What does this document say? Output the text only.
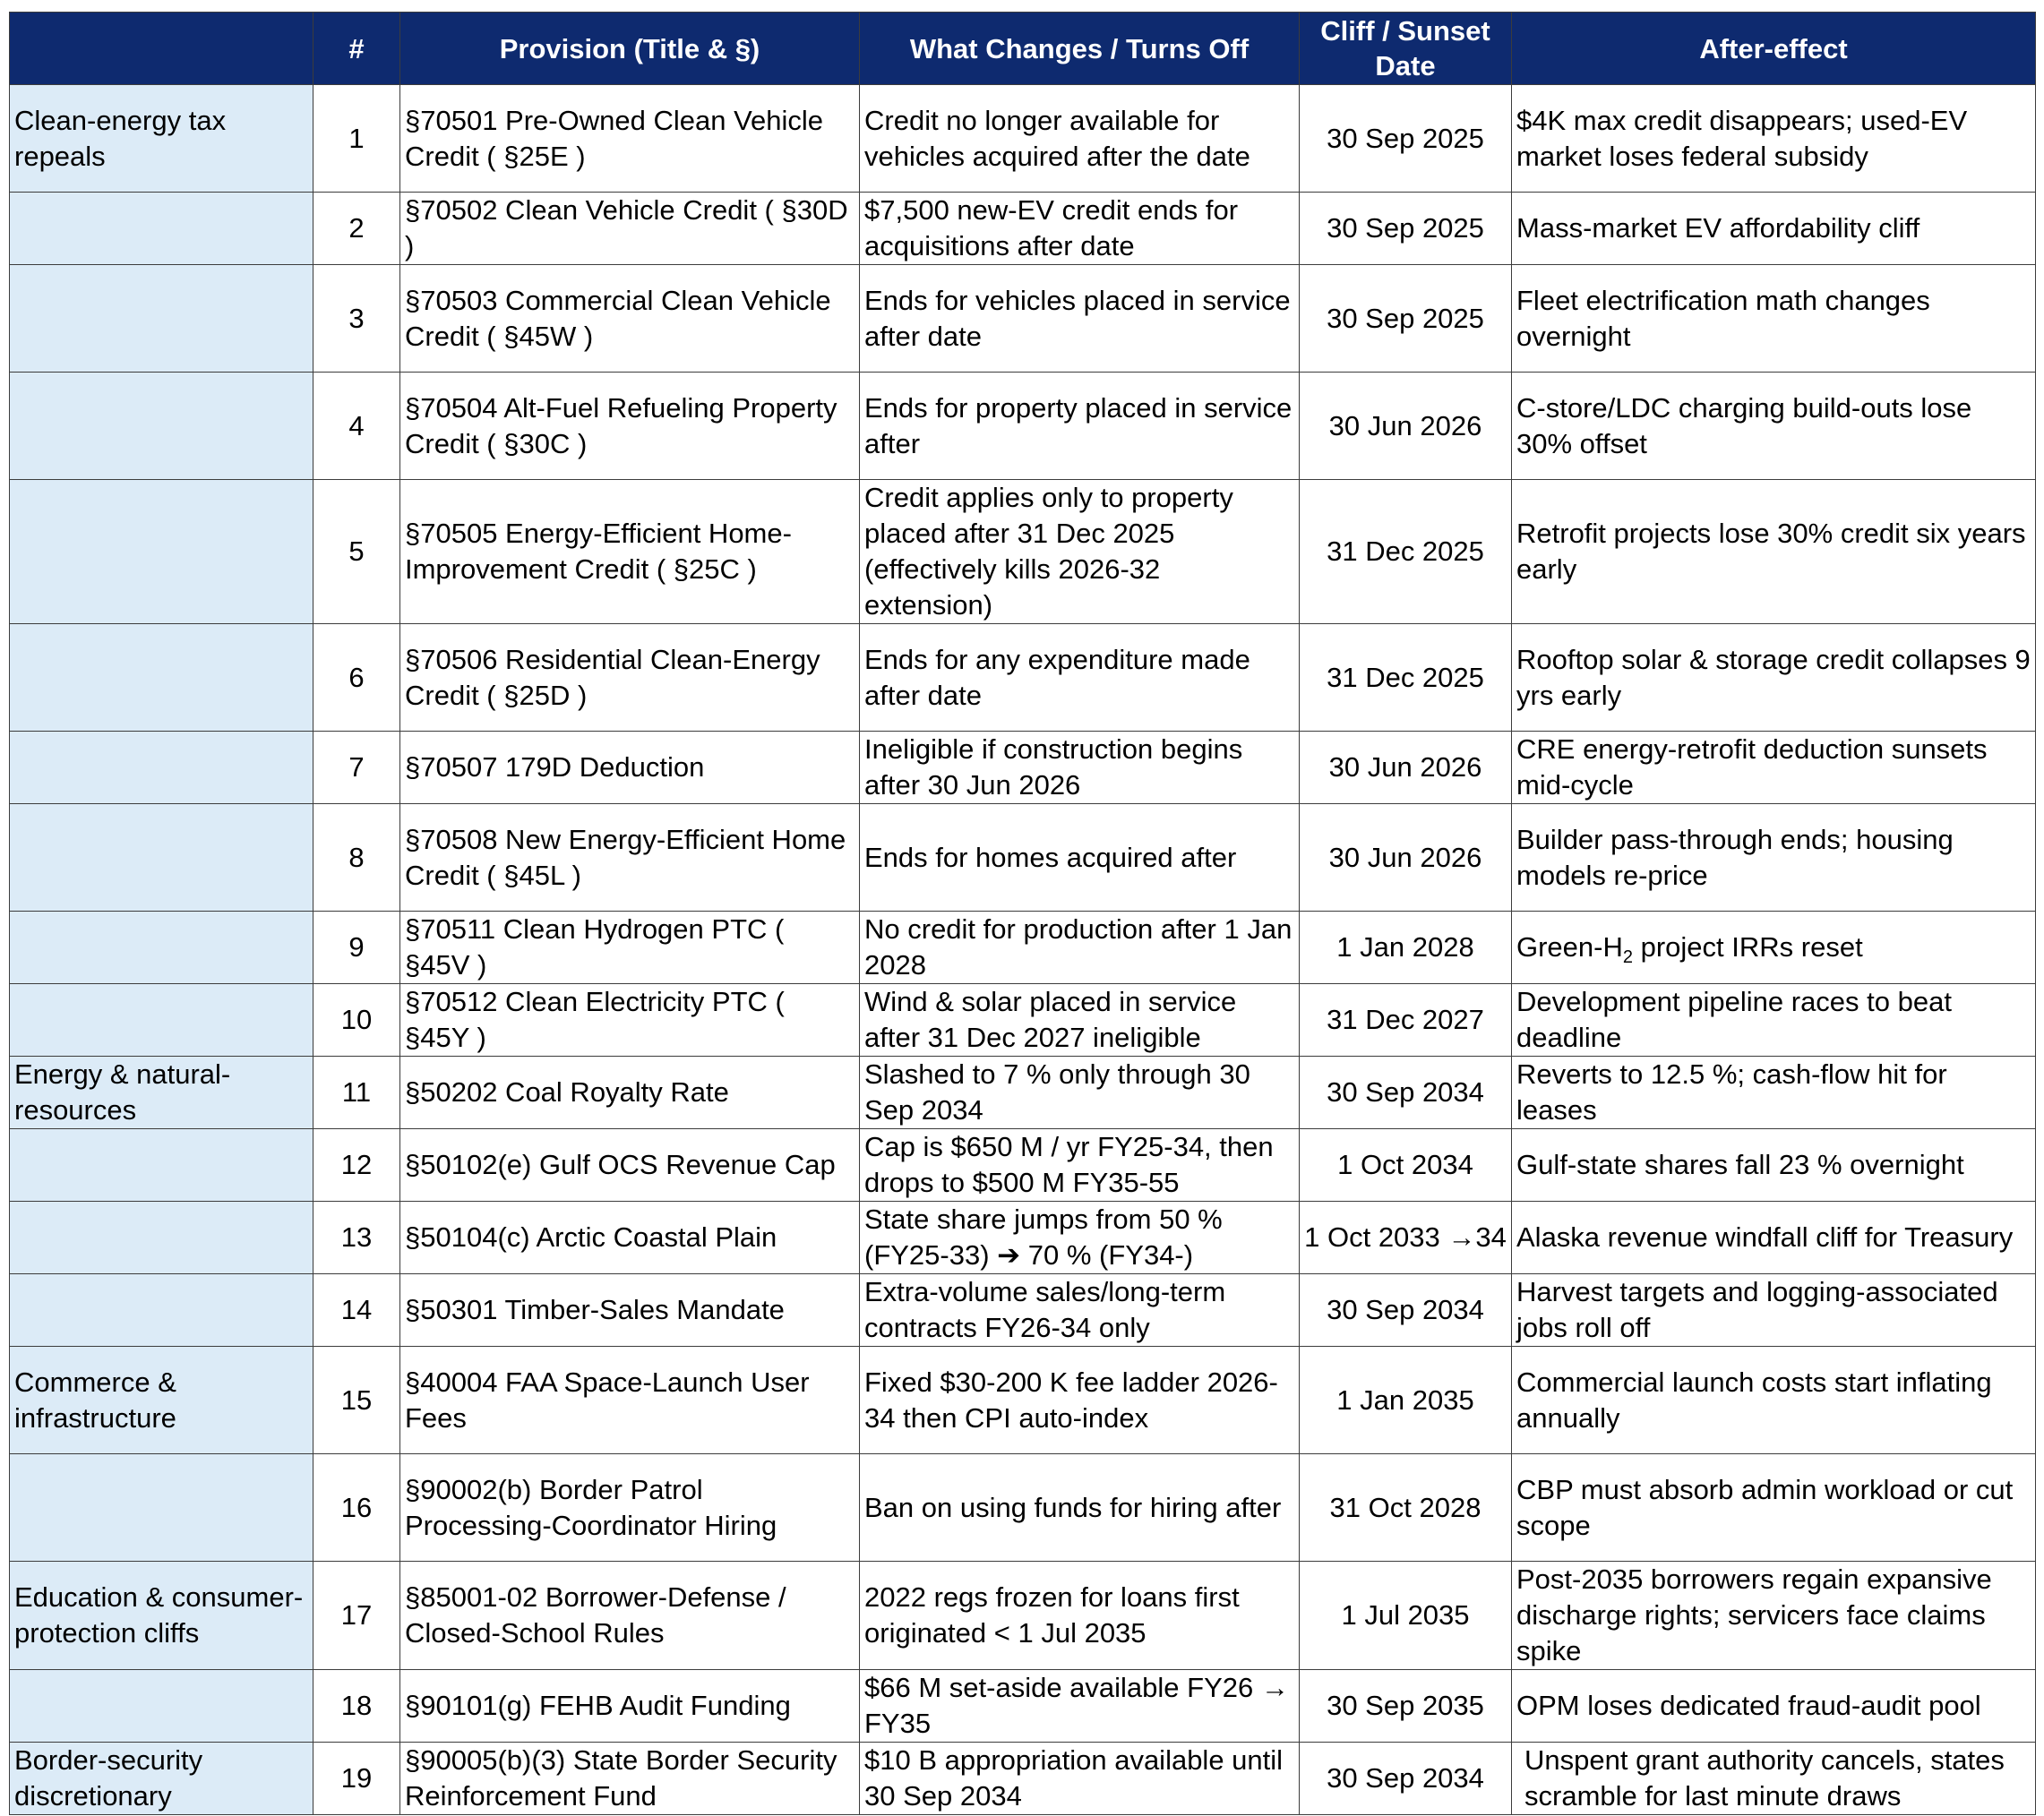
	#	Provision (Title & §)	What Changes / Turns Off	Cliff / Sunset Date	After-effect
Clean-energy tax repeals	1	§70501 Pre-Owned Clean Vehicle Credit ( §25E )	Credit no longer available for vehicles acquired after the date	30 Sep 2025	$4K max credit disappears; used-EV market loses federal subsidy
	2	§70502 Clean Vehicle Credit ( §30D )	$7,500 new-EV credit ends for acquisitions after date	30 Sep 2025	Mass-market EV affordability cliff
	3	§70503 Commercial Clean Vehicle Credit ( §45W )	Ends for vehicles placed in service after date	30 Sep 2025	Fleet electrification math changes overnight
	4	§70504 Alt-Fuel Refueling Property Credit ( §30C )	Ends for property placed in service after	30 Jun 2026	C-store/LDC charging build-outs lose 30% offset
	5	§70505 Energy-Efficient Home-Improvement Credit ( §25C )	Credit applies only to property placed after 31 Dec 2025 (effectively kills 2026-32 extension)	31 Dec 2025	Retrofit projects lose 30% credit six years early
	6	§70506 Residential Clean-Energy Credit ( §25D )	Ends for any expenditure made after date	31 Dec 2025	Rooftop solar & storage credit collapses 9 yrs early
	7	§70507 179D Deduction	Ineligible if construction begins after 30 Jun 2026	30 Jun 2026	CRE energy-retrofit deduction sunsets mid-cycle
	8	§70508 New Energy-Efficient Home Credit ( §45L )	Ends for homes acquired after	30 Jun 2026	Builder pass-through ends; housing models re-price
	9	§70511 Clean Hydrogen PTC ( §45V )	No credit for production after 1 Jan 2028	1 Jan 2028	Green-$H_2$ project IRRs reset
	10	§70512 Clean Electricity PTC ( §45Y )	Wind & solar placed in service after 31 Dec 2027 ineligible	31 Dec 2027	Development pipeline races to beat deadline
Energy & natural-resources	11	§50202 Coal Royalty Rate	Slashed to 7 % only through 30 Sep 2034	30 Sep 2034	Reverts to 12.5 %; cash-flow hit for leases
	12	§50102(e) Gulf OCS Revenue Cap	Cap is $650 M / yr FY25-34, then drops to $500 M FY35-55	1 Oct 2034	Gulf-state shares fall 23 % overnight
	13	§50104(c) Arctic Coastal Plain	State share jumps from 50 % (FY25-33) ➔ 70 % (FY34-)	1 Oct 2033 →34	Alaska revenue windfall cliff for Treasury
	14	§50301 Timber-Sales Mandate	Extra-volume sales/long-term contracts FY26-34 only	30 Sep 2034	Harvest targets and logging-associated jobs roll off
Commerce & infrastructure	15	§40004 FAA Space-Launch User Fees	Fixed $30-200 K fee ladder 2026-34 then CPI auto-index	1 Jan 2035	Commercial launch costs start inflating annually
	16	§90002(b) Border Patrol Processing-Coordinator Hiring	Ban on using funds for hiring after	31 Oct 2028	CBP must absorb admin workload or cut scope
Education & consumer-protection cliffs	17	§85001-02 Borrower-Defense / Closed-School Rules	2022 regs frozen for loans first originated < 1 Jul 2035	1 Jul 2035	Post-2035 borrowers regain expansive discharge rights; servicers face claims spike
	18	§90101(g) FEHB Audit Funding	$66 M set-aside available FY26 → FY35	30 Sep 2035	OPM loses dedicated fraud-audit pool
Border-security discretionary	19	§90005(b)(3) State Border Security Reinforcement Fund	$10 B appropriation available until 30 Sep 2034	30 Sep 2034	Unspent grant authority cancels, states scramble for last minute draws
